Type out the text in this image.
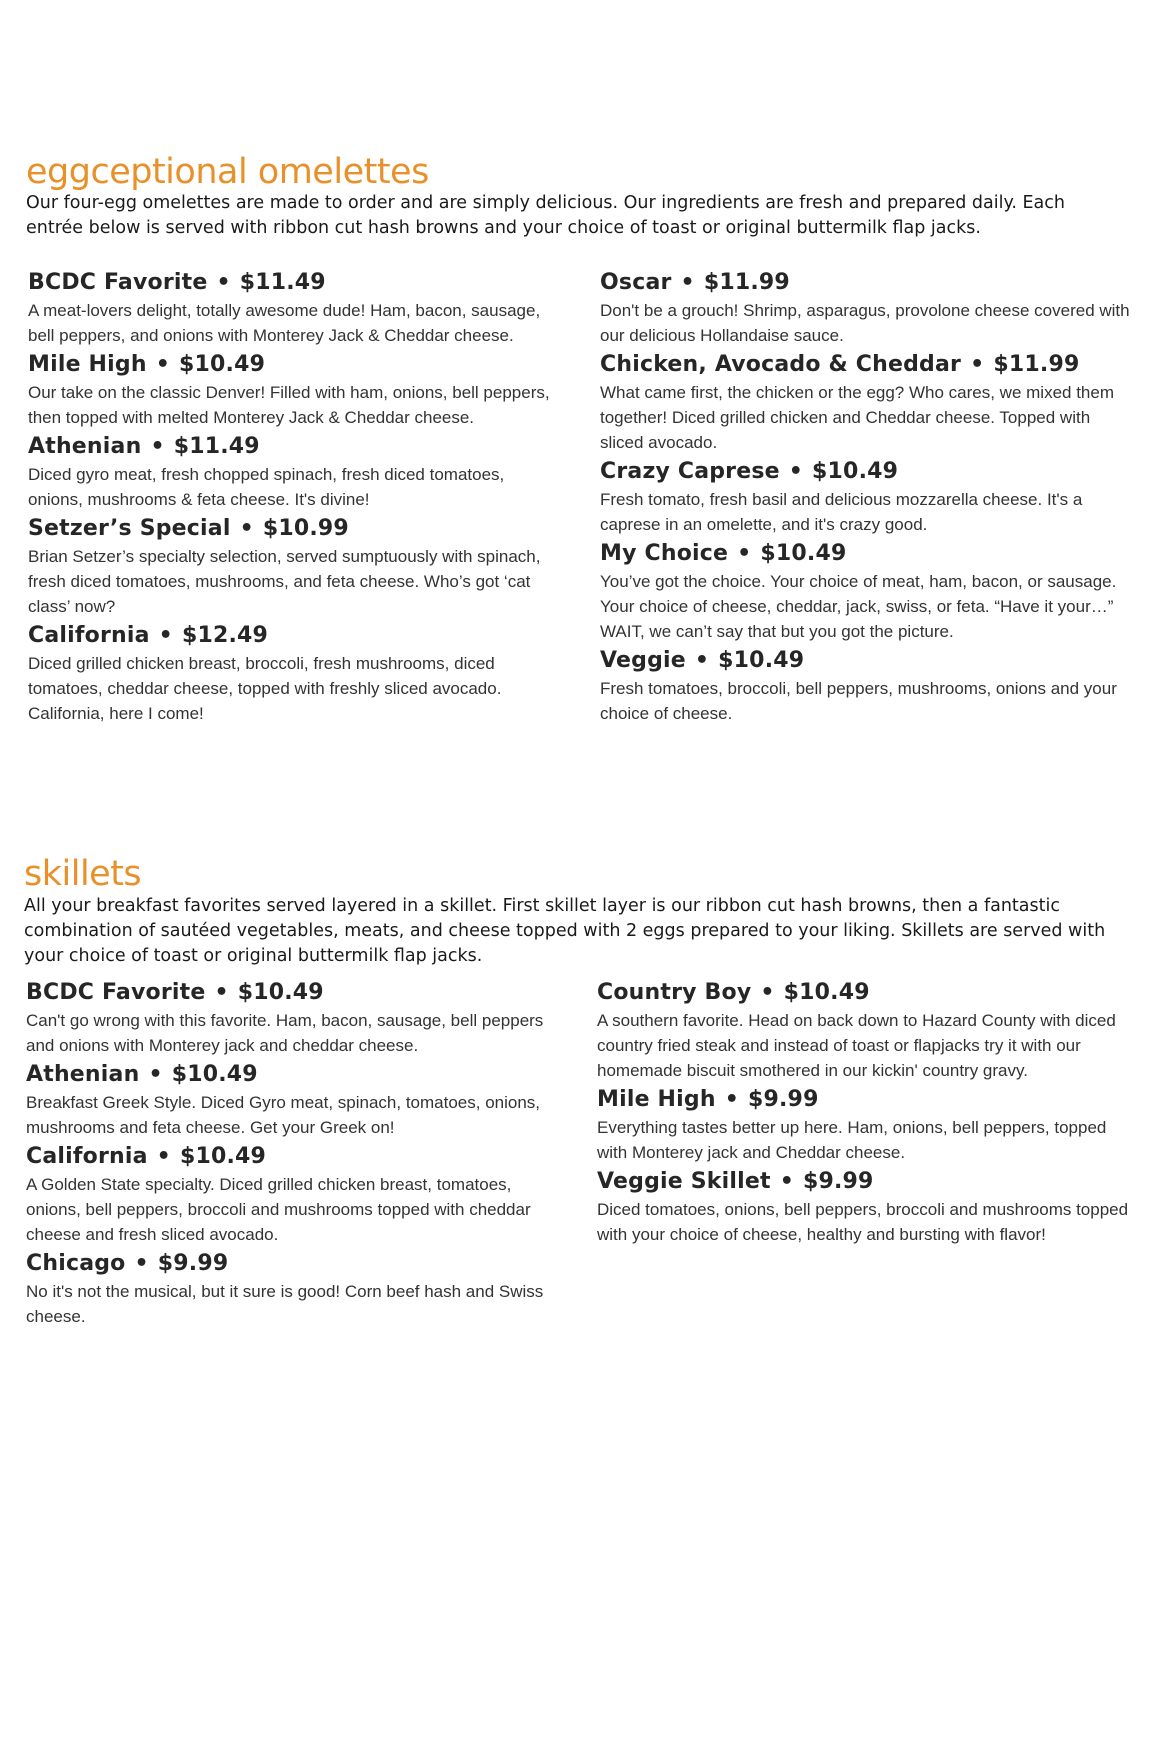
eggceptional omelettes
Our four-egg omelettes are made to order and are simply delicious. Our ingredients are fresh and prepared daily. Each entrée below is served with ribbon cut hash browns and your choice of toast or original buttermilk flap jacks.
BCDC Favorite • $11.49
A meat-lovers delight, totally awesome dude! Ham, bacon, sausage, bell peppers, and onions with Monterey Jack & Cheddar cheese.
Mile High • $10.49
Our take on the classic Denver! Filled with ham, onions, bell peppers, then topped with melted Monterey Jack & Cheddar cheese.
Athenian • $11.49
Diced gyro meat, fresh chopped spinach, fresh diced tomatoes, onions, mushrooms & feta cheese. It's divine!
Setzer’s Special • $10.99
Brian Setzer’s specialty selection, served sumptuously with spinach, fresh diced tomatoes, mushrooms, and feta cheese. Who’s got ‘cat class’ now?
California • $12.49
Diced grilled chicken breast, broccoli, fresh mushrooms, diced tomatoes, cheddar cheese, topped with freshly sliced avocado. California, here I come!
Oscar • $11.99
Don't be a grouch! Shrimp, asparagus, provolone cheese covered with our delicious Hollandaise sauce.
Chicken, Avocado & Cheddar • $11.99
What came first, the chicken or the egg? Who cares, we mixed them together! Diced grilled chicken and Cheddar cheese. Topped with sliced avocado.
Crazy Caprese • $10.49
Fresh tomato, fresh basil and delicious mozzarella cheese. It's a caprese in an omelette, and it's crazy good.
My Choice • $10.49
You’ve got the choice. Your choice of meat, ham, bacon, or sausage. Your choice of cheese, cheddar, jack, swiss, or feta. “Have it your…” WAIT, we can’t say that but you got the picture.
Veggie • $10.49
Fresh tomatoes, broccoli, bell peppers, mushrooms, onions and your choice of cheese.
skillets
All your breakfast favorites served layered in a skillet. First skillet layer is our ribbon cut hash browns, then a fantastic combination of sautéed vegetables, meats, and cheese topped with 2 eggs prepared to your liking. Skillets are served with your choice of toast or original buttermilk flap jacks.
BCDC Favorite • $10.49
Can't go wrong with this favorite. Ham, bacon, sausage, bell peppers and onions with Monterey jack and cheddar cheese.
Athenian • $10.49
Breakfast Greek Style. Diced Gyro meat, spinach, tomatoes, onions, mushrooms and feta cheese. Get your Greek on!
California • $10.49
A Golden State specialty. Diced grilled chicken breast, tomatoes, onions, bell peppers, broccoli and mushrooms topped with cheddar cheese and fresh sliced avocado.
Chicago • $9.99
No it's not the musical, but it sure is good! Corn beef hash and Swiss cheese.
Country Boy • $10.49
A southern favorite. Head on back down to Hazard County with diced country fried steak and instead of toast or flapjacks try it with our homemade biscuit smothered in our kickin' country gravy.
Mile High • $9.99
Everything tastes better up here. Ham, onions, bell peppers, topped with Monterey jack and Cheddar cheese.
Veggie Skillet • $9.99
Diced tomatoes, onions, bell peppers, broccoli and mushrooms topped with your choice of cheese, healthy and bursting with flavor!
